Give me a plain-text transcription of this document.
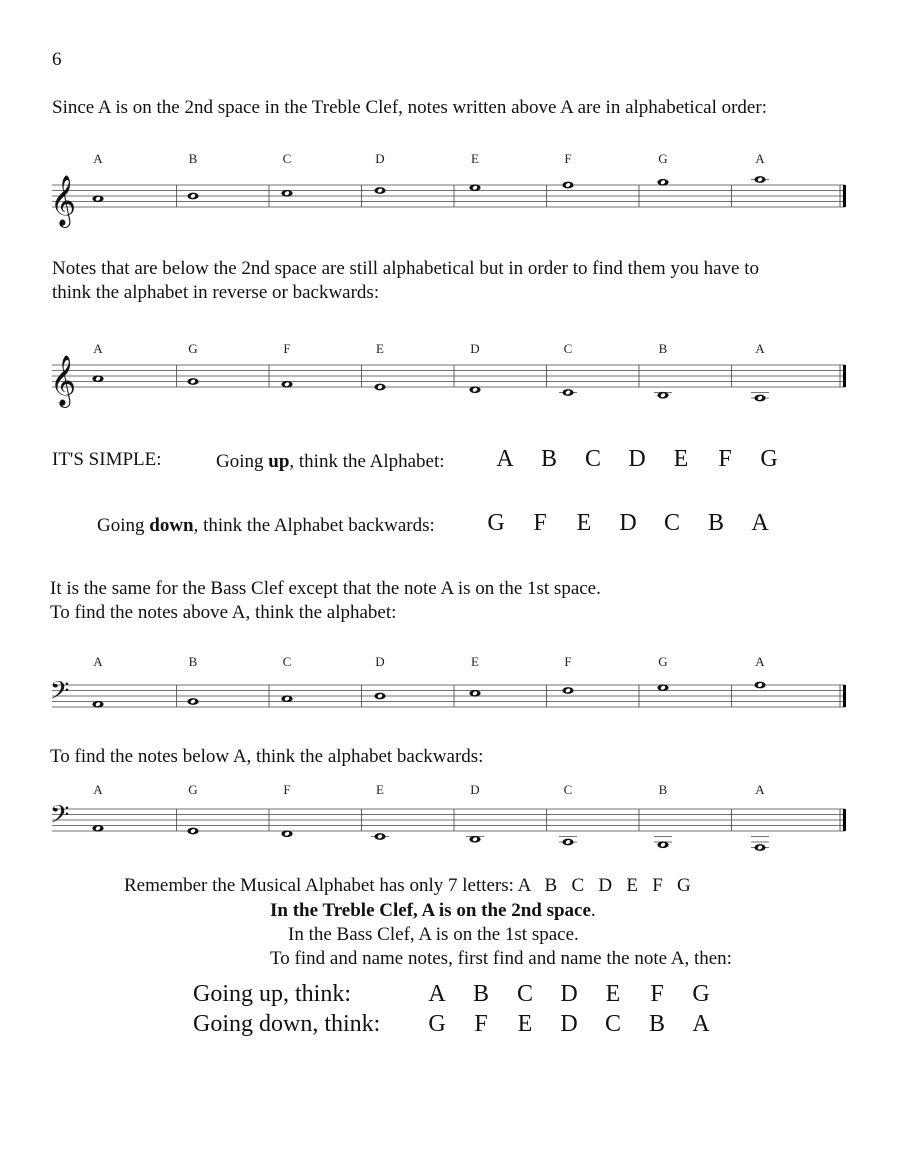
6
Since A is on the 2nd space in the Treble Clef, notes written above A are in alphabetical order:
𝄞
A	B	C	D	E	F	G	A
Notes that are below the 2nd space are still alphabetical but in order to find them you have to
think the alphabet in reverse or backwards:
𝄞
A	G	F	E	D	C	B	A
IT'S SIMPLE:	Going up, think the Alphabet:	A B C D E F G
Going down, think the Alphabet backwards:	G F E D C B A
It is the same for the Bass Clef except that the note A is on the 1st space.
To find the notes above A, think the alphabet:
𝄢
A	B	C	D	E	F	G	A
To find the notes below A, think the alphabet backwards:
𝄢
A	G	F	E	D	C	B	A
Remember the Musical Alphabet has only 7 letters: A   B   C   D   E   F   G
In the Treble Clef, A is on the 2nd space.
In the Bass Clef, A is on the 1st space.
To find and name notes, first find and name the note A, then:
Going up, think:	A B C D E F G
Going down, think:	G F E D C B A
